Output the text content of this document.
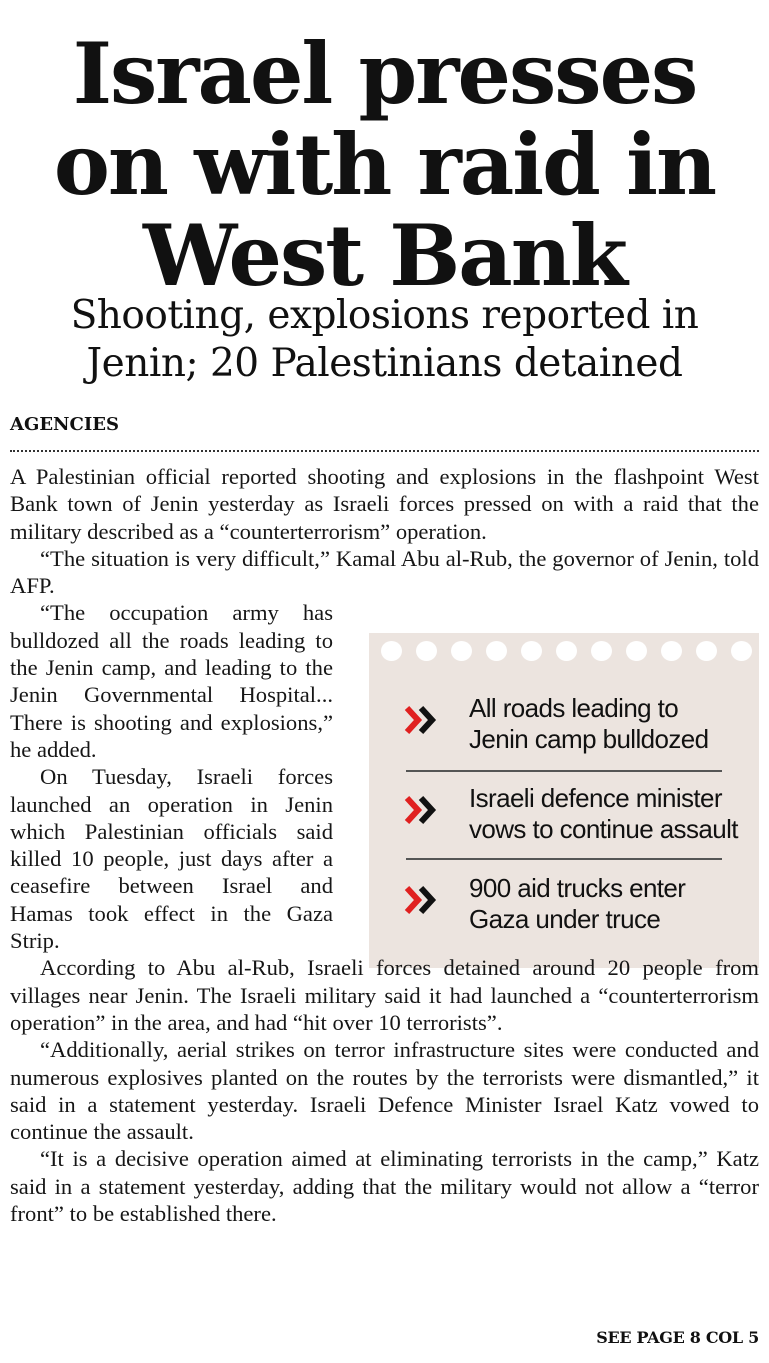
Israel presses
on with raid in
West Bank
Shooting, explosions reported in
Jenin; 20 Palestinians detained
AGENCIES
All roads leading to Jenin camp bulldozed
Israeli defence minister vows to continue assault
900 aid trucks enter Gaza under truce

A Palestinian official reported shooting and explosions in the flashpoint West Bank town of Jenin yesterday as Israeli forces pressed on with a raid that the military described as a “counterterrorism” operation.

“The situation is very difficult,” Kamal Abu al-Rub, the governor of Jenin, told AFP.

“The occupation army has bulldozed all the roads leading to the Jenin camp, and leading to the Jenin Governmental Hospital... There is shooting and explosions,” he added.

On Tuesday, Israeli forces launched an operation in Jenin which Palestinian officials said killed 10 people, just days after a ceasefire between Israel and Hamas took effect in the Gaza Strip.

According to Abu al-Rub, Israeli forces detained around 20 people from villages near Jenin. The Israeli military said it had launched a “counterterrorism operation” in the area, and had “hit over 10 terrorists”.

“Additionally, aerial strikes on terror infrastructure sites were conducted and numerous explosives planted on the routes by the terrorists were dismantled,” it said in a statement yesterday. Israeli Defence Minister Israel Katz vowed to continue the assault.

“It is a decisive operation aimed at eliminating terrorists in the camp,” Katz said in a statement yesterday, adding that the military would not allow a “terror front” to be established there.

SEE PAGE 8 COL 5
